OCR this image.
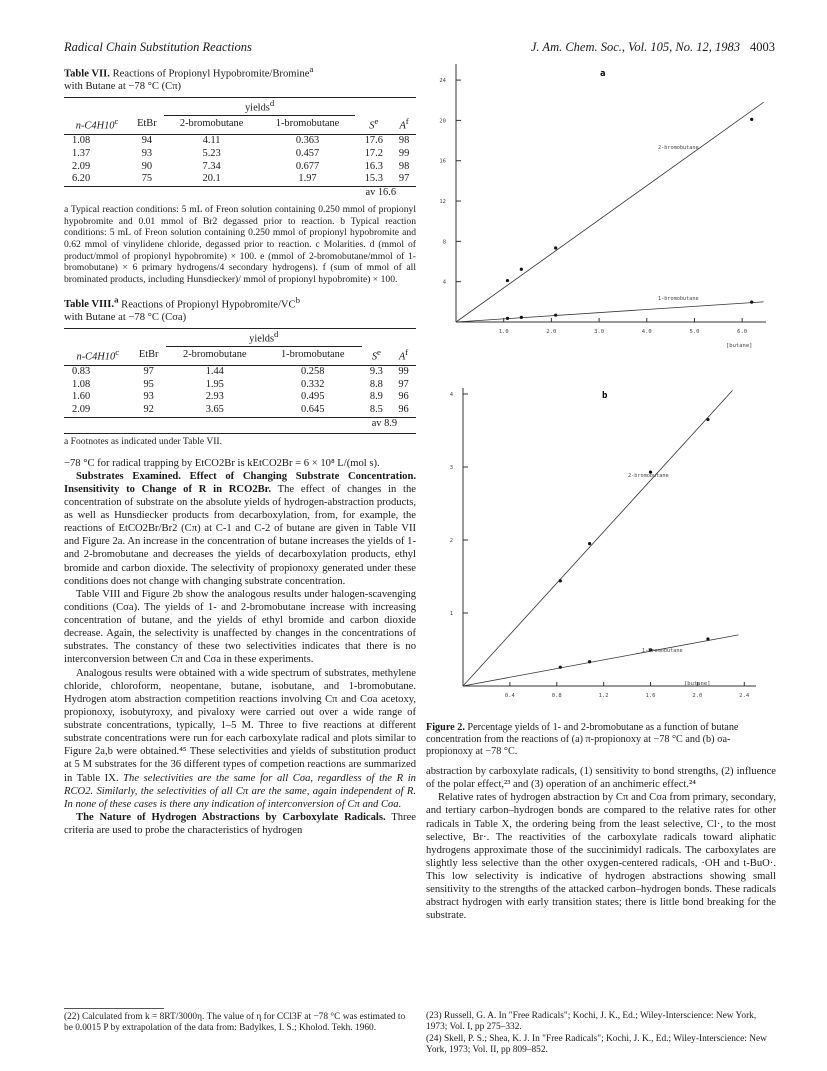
Radical Chain Substitution Reactions	J. Am. Chem. Soc., Vol. 105, No. 12, 1983 4003
Table VII. Reactions of Propionyl Hypobromite/Bromine$^a$
with Butane at −78 °C (Cπ)
		yields$^d$		
n-C4H10$^c$	EtBr	2-bromobutane	1-bromobutane	$S^e$	$A^f$
1.08	94	4.11	0.363	17.6	98
1.37	93	5.23	0.457	17.2	99
2.09	90	7.34	0.677	16.3	98
6.20	75	20.1	1.97	15.3	97
				av 16.6	
a Typical reaction conditions: 5 mL of Freon solution containing 0.250 mmol of propionyl hypobromite and 0.01 mmol of Br2 degassed prior to reaction. b Typical reaction conditions: 5 mL of Freon solution containing 0.250 mmol of propionyl hypobromite and 0.62 mmol of vinylidene chloride, degassed prior to reaction. c Molarities. d (mmol of product/mmol of propionyl hypobromite) × 100. e (mmol of 2-bromobutane/mmol of 1-bromobutane) × 6 primary hydrogens/4 secondary hydrogens). f (sum of mmol of all brominated products, including Hunsdiecker)/ mmol of propionyl hypobromite) × 100.
Table VIII.$^a$ Reactions of Propionyl Hypobromite/$VC^b$
with Butane at −78 °C (Cσa)
		yields$^d$		
n-C4H10$^c$	EtBr	2-bromobutane	1-bromobutane	$S^e$	$A^f$
0.83	97	1.44	0.258	9.3	99
1.08	95	1.95	0.332	8.8	97
1.60	93	2.93	0.495	8.9	96
2.09	92	3.65	0.645	8.5	96
				av 8.9	
a Footnotes as indicated under Table VII.

−78 °C for radical trapping by EtCO2Br is kEtCO2Br = 6 × 10⁸ L/(mol s).

Substrates Examined. Effect of Changing Substrate Concentration. Insensitivity to Change of R in RCO2Br. The effect of changes in the concentration of substrate on the absolute yields of hydrogen-abstraction products, as well as Hunsdiecker products from decarboxylation, from, for example, the reactions of EtCO2Br/Br2 (Cπ) at C-1 and C-2 of butane are given in Table VII and Figure 2a. An increase in the concentration of butane increases the yields of 1- and 2-bromobutane and decreases the yields of decarboxylation products, ethyl bromide and carbon dioxide. The selectivity of propionoxy generated under these conditions does not change with changing substrate concentration.

Table VIII and Figure 2b show the analogous results under halogen-scavenging conditions (Cσa). The yields of 1- and 2-bromobutane increase with increasing concentration of butane, and the yields of ethyl bromide and carbon dioxide decrease. Again, the selectivity is unaffected by changes in the concentrations of substrates. The constancy of these two selectivities indicates that there is no interconversion between Cπ and Cσa in these experiments.

Analogous results were obtained with a wide spectrum of substrates, methylene chloride, chloroform, neopentane, butane, isobutane, and 1-bromobutane. Hydrogen atom abstraction competition reactions involving Cπ and Cσa acetoxy, propionoxy, isobutyroxy, and pivaloxy were carried out over a wide range of substrate concentrations, typically, 1–5 M. Three to five reactions at different substrate concentrations were run for each carboxylate radical and plots similar to Figure 2a,b were obtained.⁴⁵ These selectivities and yields of substitution product at 5 M substrates for the 36 different types of competion reactions are summarized in Table IX. The selectivities are the same for all Cσa, regardless of the R in RCO2. Similarly, the selectivities of all Cπ are the same, again independent of R. In none of these cases is there any indication of interconversion of Cπ and Cσa.

The Nature of Hydrogen Abstractions by Carboxylate Radicals. Three criteria are used to probe the characteristics of hydrogen

(22) Calculated from k = 8RT/3000η. The value of η for CCl3F at −78 °C was estimated to be 0.0015 P by extrapolation of the data from: Badylkes, I. S.; Kholod. Tekh. 1960.
a
4
8
12
16
20
24
1.0	2.0	3.0	4.0	5.0	6.0
[butane]
2-bromobutane
1-bromobutane
b
1
2
3
4
0.4	0.8	1.2	1.6	2.0	2.4
[butane]
2-bromobutane
1-bromobutane
Figure 2. Percentage yields of 1- and 2-bromobutane as a function of butane concentration from the reactions of (a) π-propionoxy at −78 °C and (b) σa-propionoxy at −78 °C.

abstraction by carboxylate radicals, (1) sensitivity to bond strengths, (2) influence of the polar effect,²³ and (3) operation of an anchimeric effect.²⁴

Relative rates of hydrogen abstraction by Cπ and Cσa from primary, secondary, and tertiary carbon–hydrogen bonds are compared to the relative rates for other radicals in Table X, the ordering being from the least selective, Cl·, to the most selective, Br·. The reactivities of the carboxylate radicals toward aliphatic hydrogens approximate those of the succinimidyl radicals. The carboxylates are slightly less selective than the other oxygen-centered radicals, ·OH and t-BuO·. This low selectivity is indicative of hydrogen abstractions showing small sensitivity to the strengths of the attacked carbon–hydrogen bonds. These radicals abstract hydrogen with early transition states; there is little bond breaking for the substrate.

(23) Russell, G. A. In "Free Radicals"; Kochi, J. K., Ed.; Wiley-Interscience: New York, 1973; Vol. I, pp 275–332.
(24) Skell, P. S.; Shea, K. J. In "Free Radicals"; Kochi, J. K., Ed.; Wiley-Interscience: New York, 1973; Vol. II, pp 809–852.
